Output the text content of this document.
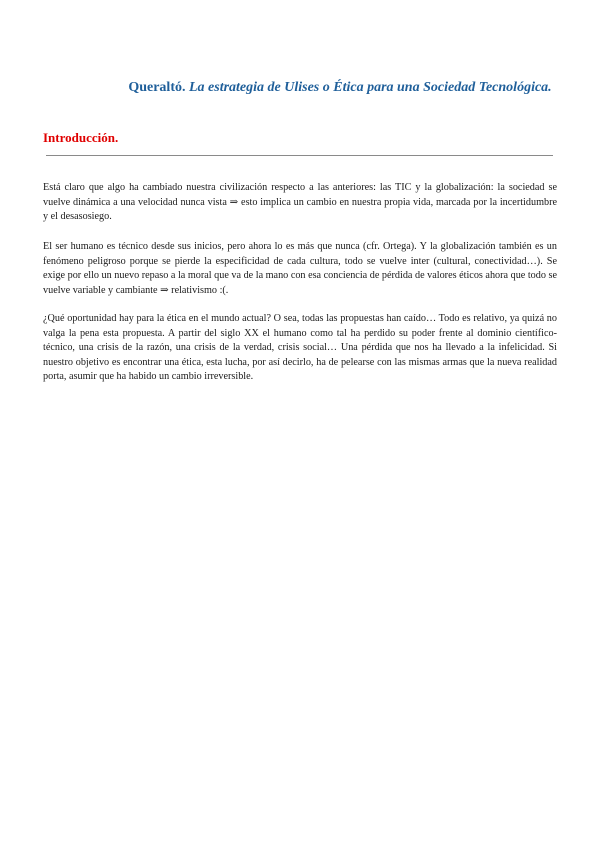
Queraltó. La estrategia de Ulises o Ética para una Sociedad Tecnológica.
Introducción.

Está claro que algo ha cambiado nuestra civilización respecto a las anteriores: las TIC y la globalización: la sociedad se vuelve dinámica a una velocidad nunca vista ⇒ esto implica un cambio en nuestra propia vida, marcada por la incertidumbre y el desasosiego.

El ser humano es técnico desde sus inicios, pero ahora lo es más que nunca (cfr. Ortega). Y la globalización también es un fenómeno peligroso porque se pierde la especificidad de cada cultura, todo se vuelve inter (cultural, conectividad…). Se exige por ello un nuevo repaso a la moral que va de la mano con esa conciencia de pérdida de valores éticos ahora que todo se vuelve variable y cambiante ⇒ relativismo :(.

¿Qué oportunidad hay para la ética en el mundo actual? O sea, todas las propuestas han caído… Todo es relativo, ya quizá no valga la pena esta propuesta. A partir del siglo XX el humano como tal ha perdido su poder frente al dominio científico-técnico, una crisis de la razón, una crisis de la verdad, crisis social… Una pérdida que nos ha llevado a la infelicidad. Si nuestro objetivo es encontrar una ética, esta lucha, por así decirlo, ha de pelearse con las mismas armas que la nueva realidad porta, asumir que ha habido un cambio irreversible.
